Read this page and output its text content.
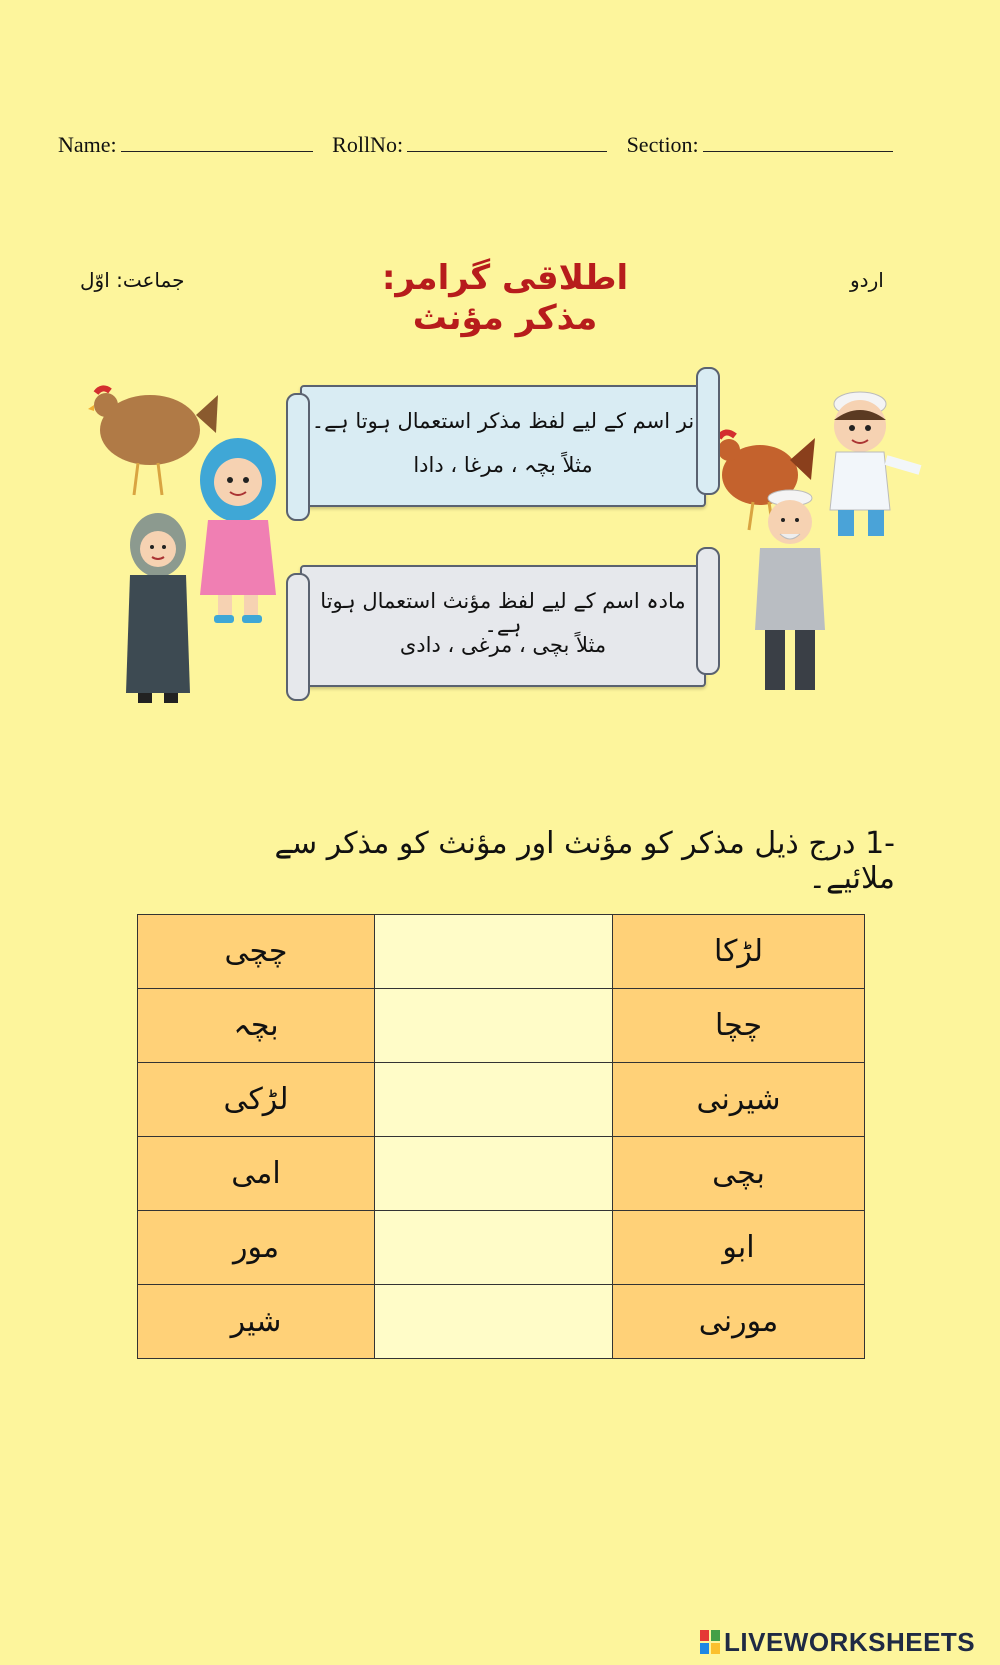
Name:	RollNo:	Section:
اردو
اطلاقی گرامر: مذکر مؤنث
جماعت: اوّل
نر اسم کے لیے لفظ مذکر استعمال ہوتا ہے۔
مثلاً بچہ ، مرغا ، دادا
مادہ اسم کے لیے لفظ مؤنث استعمال ہوتا ہے۔
مثلاً بچی ، مرغی ، دادی
-1 درج ذیل مذکر کو مؤنث اور مؤنث کو مذکر سے ملائیے۔
چچی		لڑکا
بچہ		چچا
لڑکی		شیرنی
امی		بچی
مور		ابو
شیر		مورنی
LIVEWORKSHEETS
